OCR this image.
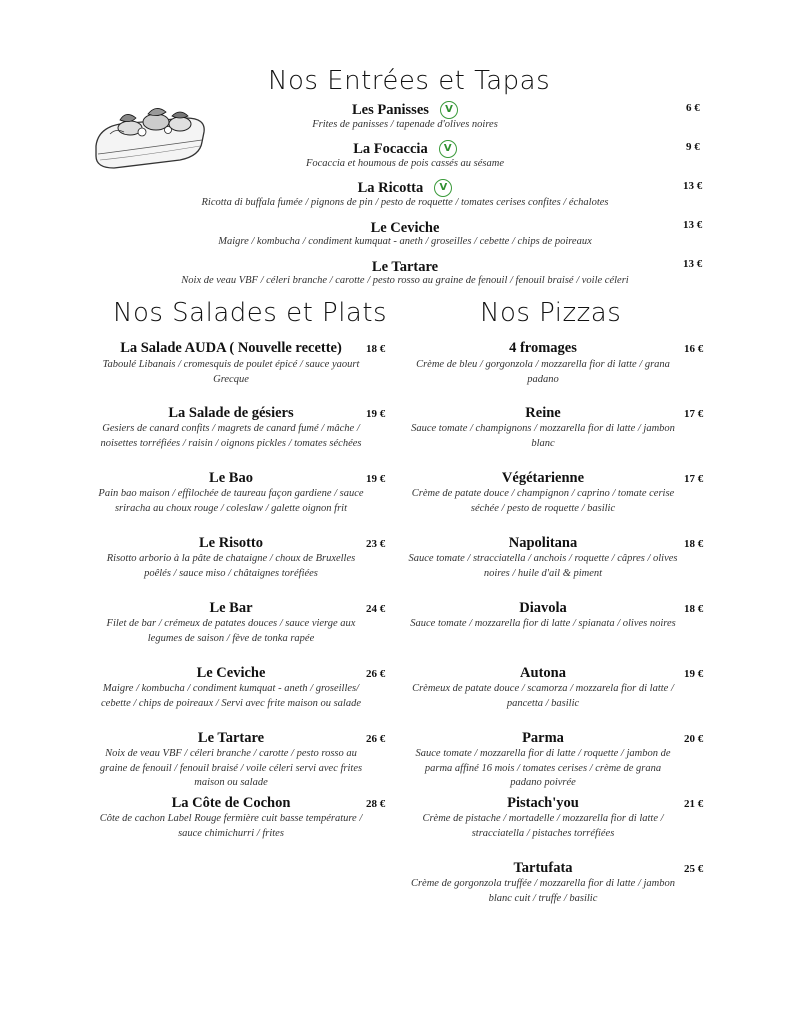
Nos Entrées et Tapas
Les Panisses V	6 €
Frites de panisses / tapenade d'olives noires
La Focaccia V	9 €
Focaccia et houmous de pois cassés au sésame
La Ricotta V	13 €
Ricotta di buffala fumée / pignons de pin / pesto de roquette / tomates cerises confites / échalotes
Le Ceviche	13 €
Maigre / kombucha / condiment kumquat - aneth / groseilles / cebette / chips de poireaux
Le Tartare	13 €
Noix de veau VBF / céleri branche / carotte / pesto rosso au graine de fenouil / fenouil braisé / voile céleri
Nos Salades et Plats	Nos Pizzas
La Salade AUDA ( Nouvelle recette)	18 €
Taboulé Libanais / cromesquis de poulet épicé / sauce yaourt Grecque
La Salade de gésiers	19 €
Gesiers de canard confits / magrets de canard fumé / mâche / noisettes torréfiées / raisin / oignons pickles / tomates séchées
Le Bao	19 €
Pain bao maison / effilochée de taureau façon gardiene / sauce sriracha au choux rouge / coleslaw / galette oignon frit
Le Risotto	23 €
Risotto arborio à la pâte de chataigne / choux de Bruxelles poêlés / sauce miso / châtaignes toréfiées
Le Bar	24 €
Filet de bar / crémeux de patates douces / sauce vierge aux legumes de saison / fève de tonka rapée
Le Ceviche	26 €
Maigre / kombucha / condiment kumquat - aneth / groseilles/ cebette / chips de poireaux / Servi avec frite maison ou salade
Le Tartare	26 €
Noix de veau VBF / céleri branche / carotte / pesto rosso au graine de fenouil / fenouil braisé / voile céleri servi avec frites maison ou salade
La Côte de Cochon	28 €
Côte de cachon Label Rouge fermière cuit basse température / sauce chimichurri / frites
4 fromages	16 €
Crème de bleu / gorgonzola / mozzarella fior di latte / grana padano
Reine	17 €
Sauce tomate / champignons / mozzarella fior di latte / jambon blanc
Végétarienne	17 €
Crème de patate douce / champignon / caprino / tomate cerise séchée / pesto de roquette / basilic
Napolitana	18 €
Sauce tomate / stracciatella / anchois / roquette / câpres / olives noires / huile d'ail & piment
Diavola	18 €
Sauce tomate / mozzarella fior di latte / spianata / olives noires
Autona	19 €
Crèmeux de patate douce / scamorza / mozzarela fior di latte / pancetta / basilic
Parma	20 €
Sauce tomate / mozzarella fior di latte / roquette / jambon de parma affiné 16 mois / tomates cerises / crème de grana padano poivrée
Pistach'you	21 €
Crème de pistache / mortadelle / mozzarella fior di latte / stracciatella / pistaches torréfiées
Tartufata	25 €
Crème de gorgonzola truffée / mozzarella fior di latte / jambon blanc cuit / truffe / basilic
